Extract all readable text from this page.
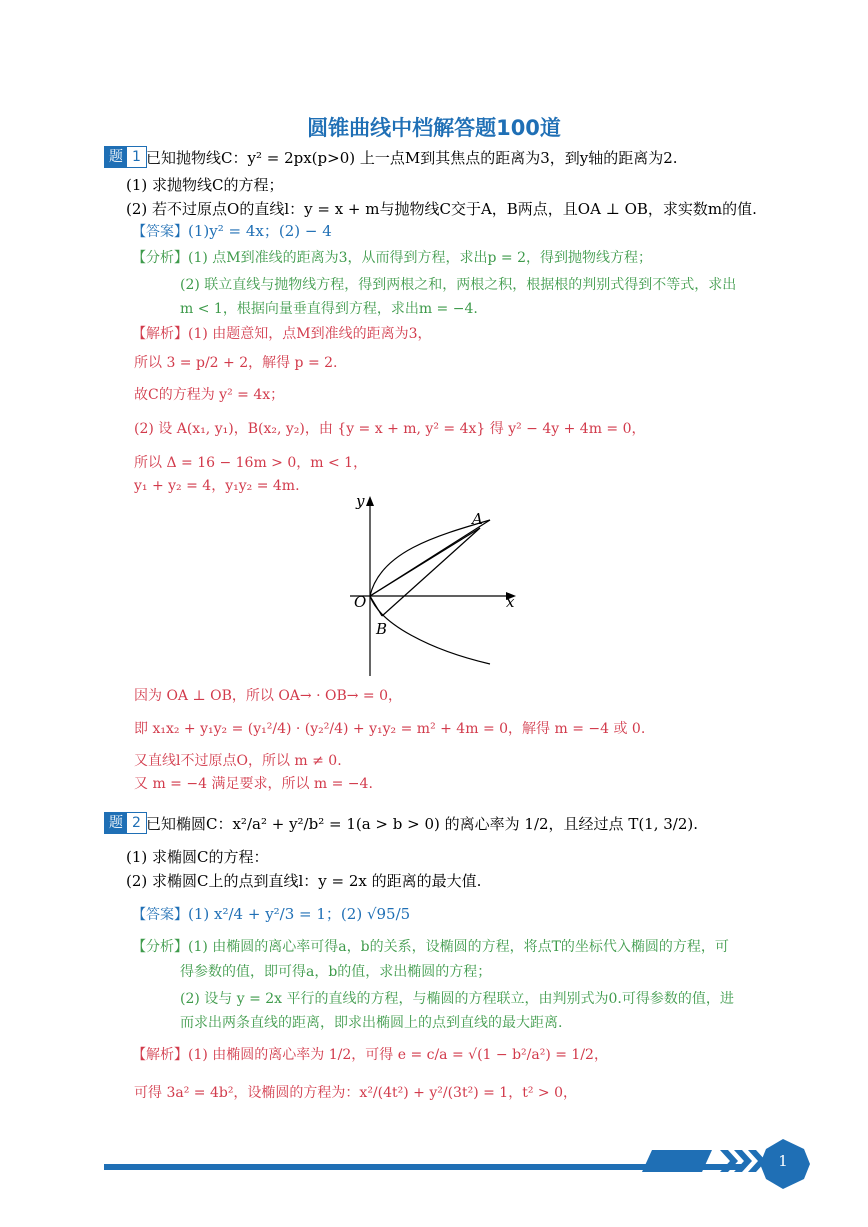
圆锥曲线中档解答题100道
题 1 已知抛物线C：y² = 2px(p>0) 上一点M到其焦点的距离为3，到y轴的距离为2.
(1) 求抛物线C的方程；
(2) 若不过原点O的直线l：y = x + m与抛物线C交于A，B两点，且OA ⊥ OB，求实数m的值.
【答案】(1)y² = 4x；(2) − 4
【分析】(1) 点M到准线的距离为3，从而得到方程，求出p = 2，得到抛物线方程；
(2) 联立直线与抛物线方程，得到两根之和，两根之积，根据根的判别式得到不等式，求出
m < 1，根据向量垂直得到方程，求出m = −4.
【解析】(1) 由题意知，点M到准线的距离为3，
所以 3 = p/2 + 2，解得 p = 2.
故C的方程为 y² = 4x；
(2) 设 A(x₁, y₁)，B(x₂, y₂)，由 {y = x + m, y² = 4x} 得 y² − 4y + 4m = 0，
所以 Δ = 16 − 16m > 0，m < 1，
y₁ + y₂ = 4，y₁y₂ = 4m.
y
x
O
A
B
因为 OA ⊥ OB，所以 OA→ · OB→ = 0，
即 x₁x₂ + y₁y₂ = (y₁²/4) · (y₂²/4) + y₁y₂ = m² + 4m = 0，解得 m = −4 或 0.
又直线l不过原点O，所以 m ≠ 0.
又 m = −4 满足要求，所以 m = −4.
题 2 已知椭圆C：x²/a² + y²/b² = 1(a > b > 0) 的离心率为 1/2，且经过点 T(1, 3/2).
(1) 求椭圆C的方程：
(2) 求椭圆C上的点到直线l：y = 2x 的距离的最大值.
【答案】(1) x²/4 + y²/3 = 1；(2) √95/5
【分析】(1) 由椭圆的离心率可得a，b的关系，设椭圆的方程，将点T的坐标代入椭圆的方程，可
得参数的值，即可得a，b的值，求出椭圆的方程；
(2) 设与 y = 2x 平行的直线的方程，与椭圆的方程联立，由判别式为0.可得参数的值，进
而求出两条直线的距离，即求出椭圆上的点到直线的最大距离.
【解析】(1) 由椭圆的离心率为 1/2，可得 e = c/a = √(1 − b²/a²) = 1/2，
可得 3a² = 4b²，设椭圆的方程为：x²/(4t²) + y²/(3t²) = 1，t² > 0，
1
